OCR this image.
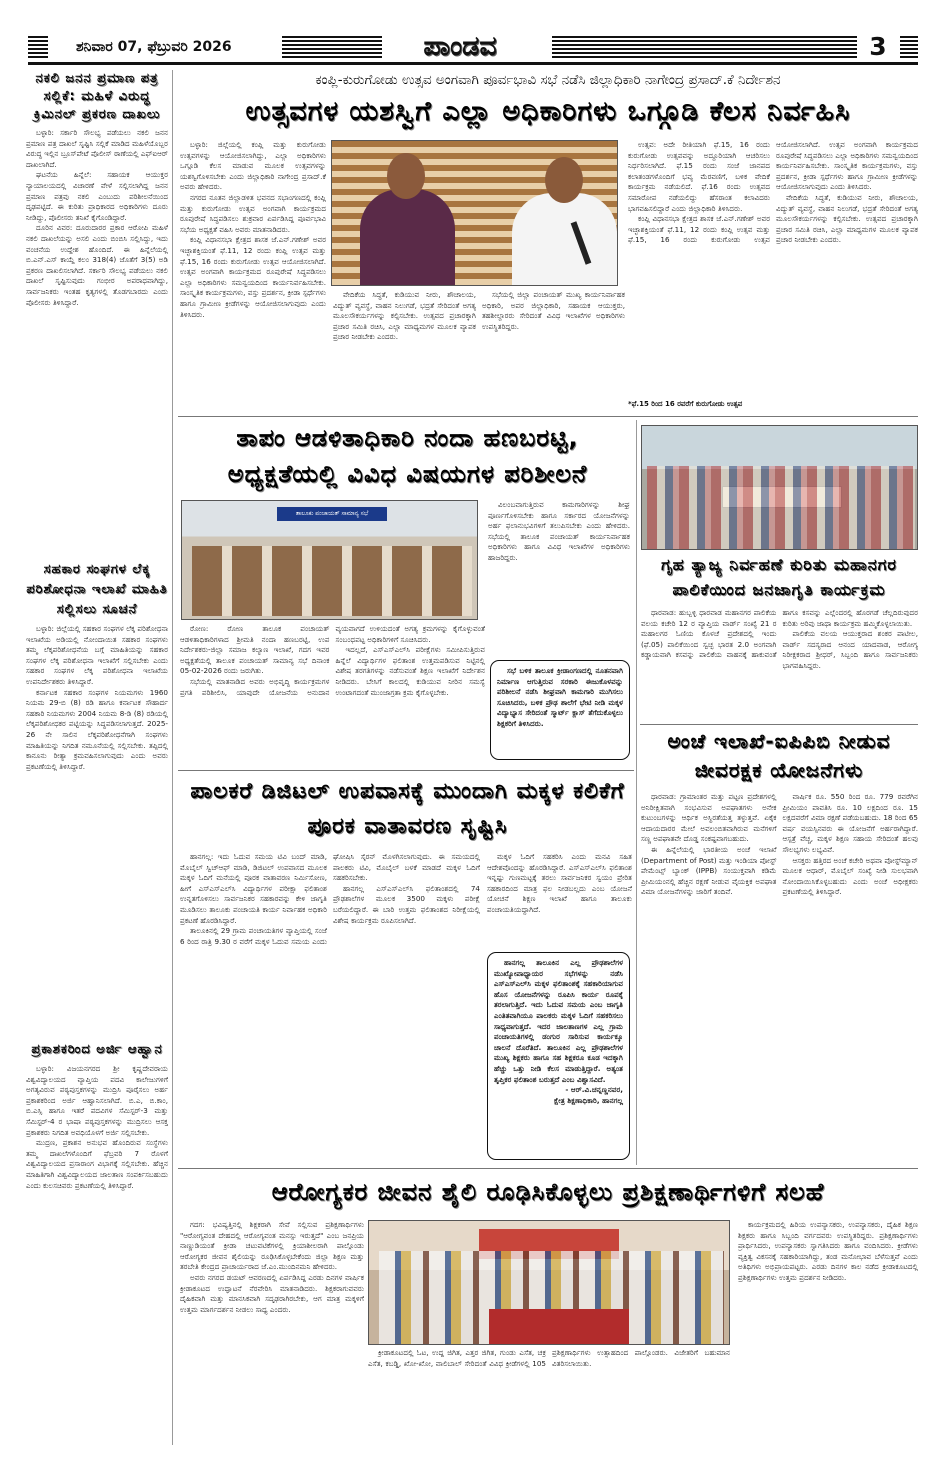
ಶನಿವಾರ 07, ಫೆಬ್ರುವರಿ 2026	ಪಾಂಡವ	3
ನಕಲಿ ಜನನ ಪ್ರಮಾಣ ಪತ್ರ ಸಲ್ಲಿಕೆ: ಮಹಿಳೆ ವಿರುದ್ಧ ಕ್ರಿಮಿನಲ್ ಪ್ರಕರಣ ದಾಖಲು

ಬಳ್ಳಾರಿ: ಸರ್ಕಾರಿ ಸೌಲಭ್ಯ ಪಡೆಯಲು ನಕಲಿ ಜನನ ಪ್ರಮಾಣ ಪತ್ರ ದಾಖಲೆ ಸೃಷ್ಟಿಸಿ ಸಲ್ಲಿಕೆ ಮಾಡಿದ ಮಹಿಳೆಯೊಬ್ಬರ ವಿರುದ್ಧ ಇಲ್ಲಿನ ಬ್ರೂಸ್‌ಪೇಟೆ ಪೊಲೀಸ್ ಠಾಣೆಯಲ್ಲಿ ಎಫ್‌ಐಆರ್ ದಾಖಲಾಗಿದೆ.

ಘಟನೆಯ ಹಿನ್ನೆಲೆ: ಸಹಾಯಕ ಆಯುಕ್ತರ ನ್ಯಾಯಾಲಯದಲ್ಲಿ ವಿಚಾರಣೆ ವೇಳೆ ಸಲ್ಲಿಸಲಾಗಿದ್ದ ಜನನ ಪ್ರಮಾಣ ಪತ್ರವು ನಕಲಿ ಎಂಬುದು ಪರಿಶೀಲನೆಯಿಂದ ದೃಢಪಟ್ಟಿದೆ. ಈ ಕುರಿತು ಪ್ರಾಧಿಕಾರದ ಅಧಿಕಾರಿಗಳು ದೂರು ನೀಡಿದ್ದು, ಪೊಲೀಸರು ತನಿಖೆ ಕೈಗೊಂಡಿದ್ದಾರೆ.

ದೂರಿನ ವಿವರ: ದೂರುದಾರರ ಪ್ರಕಾರ ಆರೋಪಿ ಮಹಿಳೆ ನಕಲಿ ದಾಖಲೆಯನ್ನು ಅಸಲಿ ಎಂದು ಬಿಂಬಿಸಿ ಸಲ್ಲಿಸಿದ್ದು, ಇದು ವಂಚನೆಯ ಉದ್ದೇಶ ಹೊಂದಿದೆ. ಈ ಹಿನ್ನೆಲೆಯಲ್ಲಿ ಬಿ.ಎನ್.ಎಸ್ ಕಾಯ್ದೆ ಕಲಂ 318(4) ಜೊತೆಗೆ 3(5) ಅಡಿ ಪ್ರಕರಣ ದಾಖಲಿಸಲಾಗಿದೆ. ಸರ್ಕಾರಿ ಸೌಲಭ್ಯ ಪಡೆಯಲು ನಕಲಿ ದಾಖಲೆ ಸೃಷ್ಟಿಸುವುದು ಗಂಭೀರ ಅಪರಾಧವಾಗಿದ್ದು, ಸಾರ್ವಜನಿಕರು ಇಂತಹ ಕೃತ್ಯಗಳಲ್ಲಿ ತೊಡಗಬಾರದು ಎಂದು ಪೊಲೀಸರು ತಿಳಿಸಿದ್ದಾರೆ.

ಸಹಕಾರ ಸಂಘಗಳ ಲೆಕ್ಕ ಪರಿಶೋಧನಾ ಇಲಾಖೆ ಮಾಹಿತಿ ಸಲ್ಲಿಸಲು ಸೂಚನೆ

ಬಳ್ಳಾರಿ: ಜಿಲ್ಲೆಯಲ್ಲಿ ಸಹಕಾರ ಸಂಘಗಳ ಲೆಕ್ಕ ಪರಿಶೋಧನಾ ಇಲಾಖೆಯ ಅಡಿಯಲ್ಲಿ ನೋಂದಾಯಿತ ಸಹಕಾರ ಸಂಘಗಳು ತಮ್ಮ ಲೆಕ್ಕಪರಿಶೋಧನೆಯ ಬಗ್ಗೆ ಮಾಹಿತಿಯನ್ನು ಸಹಕಾರ ಸಂಘಗಳ ಲೆಕ್ಕ ಪರಿಶೋಧನಾ ಇಲಾಖೆಗೆ ಸಲ್ಲಿಸಬೇಕು ಎಂದು ಸಹಕಾರ ಸಂಘಗಳ ಲೆಕ್ಕ ಪರಿಶೋಧನಾ ಇಲಾಖೆಯ ಉಪನಿರ್ದೇಶಕರು ತಿಳಿಸಿದ್ದಾರೆ.

ಕರ್ನಾಟಕ ಸಹಕಾರ ಸಂಘಗಳ ನಿಯಮಗಳು 1960 ನಿಯಮ 29-ಬಿ (8) ರಡಿ ಹಾಗೂ ಕರ್ನಾಟಕ ಸೌಹಾರ್ದ ಸಹಕಾರಿ ನಿಯಮಗಳು 2004 ನಿಯಮ 8-ಡಿ (8) ರಡಿಯಲ್ಲಿ ಲೆಕ್ಕಪರಿಶೋಧಕರ ಪಟ್ಟಿಯನ್ನು ಸಿದ್ಧಪಡಿಸಲಾಗುತ್ತದೆ. 2025-26 ನೇ ಸಾಲಿನ ಲೆಕ್ಕಪರಿಶೋಧನೆಗಾಗಿ ಸಂಘಗಳು ಮಾಹಿತಿಯನ್ನು ನಿಗದಿತ ನಮೂನೆಯಲ್ಲಿ ಸಲ್ಲಿಸಬೇಕು. ತಪ್ಪಿದಲ್ಲಿ ಕಾನೂನು ರೀತ್ಯಾ ಕ್ರಮವಹಿಸಲಾಗುವುದು ಎಂದು ಅವರು ಪ್ರಕಟಣೆಯಲ್ಲಿ ತಿಳಿಸಿದ್ದಾರೆ.

ಪ್ರಕಾಶಕರಿಂದ ಅರ್ಜಿ ಆಹ್ವಾನ

ಬಳ್ಳಾರಿ: ವಿಜಯನಗರದ ಶ್ರೀ ಕೃಷ್ಣದೇವರಾಯ ವಿಶ್ವವಿದ್ಯಾಲಯದ ವ್ಯಾಪ್ತಿಯ ಪದವಿ ಕಾಲೇಜುಗಳಿಗೆ ಅಗತ್ಯವಿರುವ ಪಠ್ಯಪುಸ್ತಕಗಳನ್ನು ಮುದ್ರಿಸಿ ಪೂರೈಸಲು ಅರ್ಹ ಪ್ರಕಾಶಕರಿಂದ ಅರ್ಜಿ ಆಹ್ವಾನಿಸಲಾಗಿದೆ. ಬಿ.ಎ, ಬಿ.ಕಾಂ, ಬಿ.ಎಸ್ಸಿ ಹಾಗೂ ಇತರೆ ಪದವಿಗಳ ಸೆಮಿಸ್ಟರ್-3 ಮತ್ತು ಸೆಮಿಸ್ಟರ್-4 ರ ಭಾಷಾ ಪಠ್ಯಪುಸ್ತಕಗಳನ್ನು ಮುದ್ರಿಸಲು ಆಸಕ್ತ ಪ್ರಕಾಶಕರು ನಿಗದಿತ ಅವಧಿಯೊಳಗೆ ಅರ್ಜಿ ಸಲ್ಲಿಸಬೇಕು.

ಮುದ್ರಣ, ಪ್ರಕಾಶನ ಅನುಭವ ಹೊಂದಿರುವ ಸಂಸ್ಥೆಗಳು ತಮ್ಮ ದಾಖಲೆಗಳೊಂದಿಗೆ ಫೆಬ್ರವರಿ 7 ರೊಳಗೆ ವಿಶ್ವವಿದ್ಯಾಲಯದ ಪ್ರಸಾರಾಂಗ ವಿಭಾಗಕ್ಕೆ ಸಲ್ಲಿಸಬೇಕು. ಹೆಚ್ಚಿನ ಮಾಹಿತಿಗಾಗಿ ವಿಶ್ವವಿದ್ಯಾಲಯದ ಜಾಲತಾಣ ಸಂಪರ್ಕಿಸಬಹುದು ಎಂದು ಕುಲಸಚಿವರು ಪ್ರಕಟಣೆಯಲ್ಲಿ ತಿಳಿಸಿದ್ದಾರೆ.

ಕಂಪ್ಲಿ-ಕುರುಗೋಡು ಉತ್ಸವ ಅಂಗವಾಗಿ ಪೂರ್ವಭಾವಿ ಸಭೆ ನಡೆಸಿ ಜಿಲ್ಲಾಧಿಕಾರಿ ನಾಗೇಂದ್ರ ಪ್ರಸಾದ್.ಕೆ ನಿರ್ದೇಶನ
ಉತ್ಸವಗಳ ಯಶಸ್ವಿಗೆ ಎಲ್ಲಾ ಅಧಿಕಾರಿಗಳು ಒಗ್ಗೂಡಿ ಕೆಲಸ ನಿರ್ವಹಿಸಿ

ಬಳ್ಳಾರಿ: ಜಿಲ್ಲೆಯಲ್ಲಿ ಕಂಪ್ಲಿ ಮತ್ತು ಕುರುಗೋಡು ಉತ್ಸವಗಳನ್ನು ಆಯೋಜಿಸಲಾಗಿದ್ದು, ಎಲ್ಲಾ ಅಧಿಕಾರಿಗಳು ಒಗ್ಗೂಡಿ ಕೆಲಸ ಮಾಡುವ ಮೂಲಕ ಉತ್ಸವಗಳನ್ನು ಯಶಸ್ವಿಗೊಳಿಸಬೇಕು ಎಂದು ಜಿಲ್ಲಾಧಿಕಾರಿ ನಾಗೇಂದ್ರ ಪ್ರಸಾದ್.ಕೆ ಅವರು ಹೇಳಿದರು.

ನಗರದ ನೂತನ ಜಿಲ್ಲಾಡಳಿತ ಭವನದ ಸಭಾಂಗಣದಲ್ಲಿ ಕಂಪ್ಲಿ ಮತ್ತು ಕುರುಗೋಡು ಉತ್ಸವ ಅಂಗವಾಗಿ ಕಾರ್ಯಕ್ರಮದ ರೂಪುರೇಷೆ ಸಿದ್ಧಪಡಿಸಲು ಶುಕ್ರವಾರ ಏರ್ಪಡಿಸಿದ್ದ ಪೂರ್ವಭಾವಿ ಸಭೆಯ ಅಧ್ಯಕ್ಷತೆ ವಹಿಸಿ ಅವರು ಮಾತನಾಡಿದರು.

ಕಂಪ್ಲಿ ವಿಧಾನಸಭಾ ಕ್ಷೇತ್ರದ ಶಾಸಕ ಜೆ.ಎನ್.ಗಣೇಶ್ ಅವರ ಇಚ್ಛಾಶಕ್ತಿಯಂತೆ ಫೆ.11, 12 ರಂದು ಕಂಪ್ಲಿ ಉತ್ಸವ ಮತ್ತು ಫೆ.15, 16 ರಂದು ಕುರುಗೋಡು ಉತ್ಸವ ಆಯೋಜಿಸಲಾಗಿದೆ. ಉತ್ಸವ ಅಂಗವಾಗಿ ಕಾರ್ಯಕ್ರಮದ ರೂಪುರೇಷೆ ಸಿದ್ಧಪಡಿಸಲು ಎಲ್ಲಾ ಅಧಿಕಾರಿಗಳು ಸಮನ್ವಯದಿಂದ ಕಾರ್ಯನಿರ್ವಹಿಸಬೇಕು. ಸಾಂಸ್ಕೃತಿಕ ಕಾರ್ಯಕ್ರಮಗಳು, ವಸ್ತು ಪ್ರದರ್ಶನ, ಕ್ರೀಡಾ ಸ್ಪರ್ಧೆಗಳು ಹಾಗೂ ಗ್ರಾಮೀಣ ಕ್ರೀಡೆಗಳನ್ನು ಆಯೋಜಿಸಲಾಗುವುದು ಎಂದು ತಿಳಿಸಿದರು.

ವೇದಿಕೆಯ ಸಿದ್ಧತೆ, ಕುಡಿಯುವ ನೀರು, ಶೌಚಾಲಯ, ವಿದ್ಯುತ್ ವ್ಯವಸ್ಥೆ, ವಾಹನ ನಿಲುಗಡೆ, ಭದ್ರತೆ ಸೇರಿದಂತೆ ಅಗತ್ಯ ಮೂಲಸೌಕರ್ಯಗಳನ್ನು ಕಲ್ಪಿಸಬೇಕು. ಉತ್ಸವದ ಪ್ರಚಾರಕ್ಕಾಗಿ ಪ್ರಚಾರ ಸಮಿತಿ ರಚಿಸಿ, ಎಲ್ಲಾ ಮಾಧ್ಯಮಗಳ ಮೂಲಕ ವ್ಯಾಪಕ ಪ್ರಚಾರ ನೀಡಬೇಕು ಎಂದರು.

ಸಭೆಯಲ್ಲಿ ಜಿಲ್ಲಾ ಪಂಚಾಯತ್ ಮುಖ್ಯ ಕಾರ್ಯನಿರ್ವಾಹಕ ಅಧಿಕಾರಿ, ಅಪರ ಜಿಲ್ಲಾಧಿಕಾರಿ, ಸಹಾಯಕ ಆಯುಕ್ತರು, ತಹಶೀಲ್ದಾರರು ಸೇರಿದಂತೆ ವಿವಿಧ ಇಲಾಖೆಗಳ ಅಧಿಕಾರಿಗಳು ಉಪಸ್ಥಿತರಿದ್ದರು.

ಉತ್ಸವ: ಅದೇ ರೀತಿಯಾಗಿ ಫೆ.15, 16 ರಂದು ಕುರುಗೋಡು ಉತ್ಸವವನ್ನು ಅದ್ದೂರಿಯಾಗಿ ಆಚರಿಸಲು ನಿರ್ಧರಿಸಲಾಗಿದೆ. ಫೆ.15 ರಂದು ಸಂಜೆ ಜಾನಪದ ಕಲಾತಂಡಗಳೊಂದಿಗೆ ಭವ್ಯ ಮೆರವಣಿಗೆ, ಬಳಿಕ ವೇದಿಕೆ ಕಾರ್ಯಕ್ರಮ ನಡೆಯಲಿದೆ. ಫೆ.16 ರಂದು ಉತ್ಸವದ ಸಮಾರೋಪ ನಡೆಯಲಿದ್ದು ಹೆಸರಾಂತ ಕಲಾವಿದರು ಭಾಗವಹಿಸಲಿದ್ದಾರೆ ಎಂದು ಜಿಲ್ಲಾಧಿಕಾರಿ ತಿಳಿಸಿದರು.

ಕಂಪ್ಲಿ ವಿಧಾನಸಭಾ ಕ್ಷೇತ್ರದ ಶಾಸಕ ಜೆ.ಎನ್.ಗಣೇಶ್ ಅವರ ಇಚ್ಛಾಶಕ್ತಿಯಂತೆ ಫೆ.11, 12 ರಂದು ಕಂಪ್ಲಿ ಉತ್ಸವ ಮತ್ತು ಫೆ.15, 16 ರಂದು ಕುರುಗೋಡು ಉತ್ಸವ ಆಯೋಜಿಸಲಾಗಿದೆ. ಉತ್ಸವ ಅಂಗವಾಗಿ ಕಾರ್ಯಕ್ರಮದ ರೂಪುರೇಷೆ ಸಿದ್ಧಪಡಿಸಲು ಎಲ್ಲಾ ಅಧಿಕಾರಿಗಳು ಸಮನ್ವಯದಿಂದ ಕಾರ್ಯನಿರ್ವಹಿಸಬೇಕು. ಸಾಂಸ್ಕೃತಿಕ ಕಾರ್ಯಕ್ರಮಗಳು, ವಸ್ತು ಪ್ರದರ್ಶನ, ಕ್ರೀಡಾ ಸ್ಪರ್ಧೆಗಳು ಹಾಗೂ ಗ್ರಾಮೀಣ ಕ್ರೀಡೆಗಳನ್ನು ಆಯೋಜಿಸಲಾಗುವುದು ಎಂದು ತಿಳಿಸಿದರು.

ವೇದಿಕೆಯ ಸಿದ್ಧತೆ, ಕುಡಿಯುವ ನೀರು, ಶೌಚಾಲಯ, ವಿದ್ಯುತ್ ವ್ಯವಸ್ಥೆ, ವಾಹನ ನಿಲುಗಡೆ, ಭದ್ರತೆ ಸೇರಿದಂತೆ ಅಗತ್ಯ ಮೂಲಸೌಕರ್ಯಗಳನ್ನು ಕಲ್ಪಿಸಬೇಕು. ಉತ್ಸವದ ಪ್ರಚಾರಕ್ಕಾಗಿ ಪ್ರಚಾರ ಸಮಿತಿ ರಚಿಸಿ, ಎಲ್ಲಾ ಮಾಧ್ಯಮಗಳ ಮೂಲಕ ವ್ಯಾಪಕ ಪ್ರಚಾರ ನೀಡಬೇಕು ಎಂದರು.

*ಫೆ.15 ರಿಂದ 16 ರವರೆಗೆ ಕುರುಗೋಡು ಉತ್ಸವ
ತಾಪಂ ಆಡಳಿತಾಧಿಕಾರಿ ನಂದಾ ಹಣಬರಟ್ಟಿ, ಅಧ್ಯಕ್ಷತೆಯಲ್ಲಿ ವಿವಿಧ ವಿಷಯಗಳ ಪರಿಶೀಲನೆ
ತಾಲೂಕು ಪಂಚಾಯತ್ ಸಾಮಾನ್ಯ ಸಭೆ

ವಿಲಂಬವಾಗುತ್ತಿರುವ ಕಾಮಗಾರಿಗಳನ್ನು ಶೀಘ್ರ ಪೂರ್ಣಗೊಳಿಸಬೇಕು ಹಾಗೂ ಸರ್ಕಾರದ ಯೋಜನೆಗಳನ್ನು ಅರ್ಹ ಫಲಾನುಭವಿಗಳಿಗೆ ತಲುಪಿಸಬೇಕು ಎಂದು ಹೇಳಿದರು. ಸಭೆಯಲ್ಲಿ ತಾಲೂಕ ಪಂಚಾಯತ್ ಕಾರ್ಯನಿರ್ವಾಹಕ ಅಧಿಕಾರಿಗಳು ಹಾಗೂ ವಿವಿಧ ಇಲಾಖೆಗಳ ಅಧಿಕಾರಿಗಳು ಹಾಜರಿದ್ದರು.

ರೋಣ: ರೋಣ ತಾಲೂಕ ಪಂಚಾಯತ್ ಆಡಳಿತಾಧಿಕಾರಿಗಳಾದ ಶ್ರೀಮತಿ ನಂದಾ ಹಣಬರಟ್ಟಿ, ಉಪ ನಿರ್ದೇಶಕರು-ಜಿಲ್ಲಾ ಸಮಾಜ ಕಲ್ಯಾಣ ಇಲಾಖೆ, ಗದಗ ಇವರ ಅಧ್ಯಕ್ಷತೆಯಲ್ಲಿ ತಾಲೂಕ ಪಂಚಾಯತ್ ಸಾಮಾನ್ಯ ಸಭೆ ದಿನಾಂಕ 05-02-2026 ರಂದು ಜರುಗಿತು.

ಸಭೆಯಲ್ಲಿ ಮಾತನಾಡಿದ ಅವರು ಅಭಿವೃದ್ಧಿ ಕಾರ್ಯಕ್ರಮಗಳ ಪ್ರಗತಿ ಪರಿಶೀಲಿಸಿ, ಯಾವುದೇ ಯೋಜನೆಯ ಅನುದಾನ ವ್ಯಯವಾಗದೆ ಉಳಿಯದಂತೆ ಅಗತ್ಯ ಕ್ರಮಗಳನ್ನು ಕೈಗೊಳ್ಳುವಂತೆ ಸಂಬಂಧಪಟ್ಟ ಅಧಿಕಾರಿಗಳಿಗೆ ಸೂಚಿಸಿದರು.

ಇದಲ್ಲದೆ, ಎಸ್‌ಎಸ್‌ಎಲ್‌ಸಿ ಪರೀಕ್ಷೆಗಳು ಸಮೀಪಿಸುತ್ತಿರುವ ಹಿನ್ನೆಲೆ ವಿದ್ಯಾರ್ಥಿಗಳ ಫಲಿತಾಂಶ ಉತ್ತಮಪಡಿಸುವ ನಿಟ್ಟಿನಲ್ಲಿ ವಿಶೇಷ ತರಗತಿಗಳನ್ನು ನಡೆಸುವಂತೆ ಶಿಕ್ಷಣ ಇಲಾಖೆಗೆ ನಿರ್ದೇಶನ ನೀಡಿದರು. ಬೇಸಿಗೆ ಕಾಲದಲ್ಲಿ ಕುಡಿಯುವ ನೀರಿನ ಸಮಸ್ಯೆ ಉಂಟಾಗದಂತೆ ಮುಂಜಾಗ್ರತಾ ಕ್ರಮ ಕೈಗೊಳ್ಳಬೇಕು.

ಸಭೆ ಬಳಿಕ ತಾಲೂಕ ಕ್ರೀಡಾಂಗಣದಲ್ಲಿ ನೂತನವಾಗಿ ನಿರ್ಮಾಣ ಆಗುತ್ತಿರುವ ಸರಕಾರಿ ಈಜುಕೊಳವನ್ನು ಪರಿಶೀಲನೆ ನಡೆಸಿ ಶೀಘ್ರವಾಗಿ ಕಾಮಗಾರಿ ಮುಗಿಸಲು ಸೂಚಿಸಿದರು, ಬಳಿಕ ಪ್ರೌಢ ಶಾಲೆಗೆ ಭೇಟಿ ನೀಡಿ ಮಕ್ಕಳ ವಿದ್ಯಾಭ್ಯಾಸ ಸೇರಿದಂತೆ ಸ್ಮಾರ್ಟ್ ಕ್ಲಾಸ್ ತೆಗೆದುಕೊಳ್ಳಲು ಶಿಕ್ಷಕರಿಗೆ ತಿಳಿಸಿದರು.

ಗೃಹ ತ್ಯಾಜ್ಯ ನಿರ್ವಹಣೆ ಕುರಿತು ಮಹಾನಗರ ಪಾಲಿಕೆಯಿಂದ ಜನಜಾಗೃತಿ ಕಾರ್ಯಕ್ರಮ

ಧಾರವಾಡ: ಹುಬ್ಬಳ್ಳಿ ಧಾರವಾಡ ಮಹಾನಗರ ಪಾಲಿಕೆಯ ವಲಯ ಕಚೇರಿ 12 ರ ವ್ಯಾಪ್ತಿಯ ವಾರ್ಡ್ ಸಂಖ್ಯೆ 21 ರ ಮಹಾಲಗರ ಓಣಿಯ ಕೊಳಚೆ ಪ್ರದೇಶದಲ್ಲಿ ಇಂದು (ಫೆ.05) ಪಾಲಿಕೆಯಿಂದ ಸ್ವಚ್ಛ ಭಾರತ 2.0 ಅಂಗವಾಗಿ ಕಡ್ಡಾಯವಾಗಿ ಕಸವನ್ನು ಪಾಲಿಕೆಯ ವಾಹನಕ್ಕೆ ಹಾಕುವಂತೆ ಹಾಗೂ ಕಸವನ್ನು ಎಲ್ಲೆಂದರಲ್ಲಿ ಹೊರಗಡೆ ಚೆಲ್ಲದಿರುವುದರ ಕುರಿತು ಅರಿವು ಜಾಥಾ ಕಾರ್ಯಕ್ರಮ ಹಮ್ಮಿಕೊಳ್ಳಲಾಯಿತು.

ಪಾಲಿಕೆಯ ವಲಯ ಆಯುಕ್ತರಾದ ಶಂಕರ ಪಾಟೀಲ, ವಾರ್ಡ್ ಸದಸ್ಯರಾದ ಆನಂದ ಯಾದವಾಡ, ಆರೋಗ್ಯ ನಿರೀಕ್ಷಕರಾದ ಶ್ರೀಧರ್, ಸಿಬ್ಬಂದಿ ಹಾಗೂ ಸಾರ್ವಜನಿಕರು ಭಾಗವಹಿಸಿದ್ದರು.

ಅಂಚೆ ಇಲಾಖೆ-ಐಪಿಪಿಬಿ ನೀಡುವ ಜೀವರಕ್ಷಕ ಯೋಜನೆಗಳು

ಧಾರವಾಡ: ಗ್ರಾಮಾಂತರ ಮತ್ತು ಪಟ್ಟಣ ಪ್ರದೇಶಗಳಲ್ಲಿ ಅನಿರೀಕ್ಷಿತವಾಗಿ ಸಂಭವಿಸುವ ಅಪಘಾತಗಳು ಅನೇಕ ಕುಟುಂಬಗಳನ್ನು ಆರ್ಥಿಕ ಅಸ್ಥಿರತೆಯತ್ತ ತಳ್ಳುತ್ತವೆ. ಏಕೈಕ ಆದಾಯದಾರರ ಮೇಲೆ ಅವಲಂಬಿತವಾಗಿರುವ ಮನೆಗಳಿಗೆ ಸಣ್ಣ ಅಪಘಾತವೇ ದೊಡ್ಡ ಸಂಕಷ್ಟವಾಗಬಹುದು.

ಈ ಹಿನ್ನೆಲೆಯಲ್ಲಿ ಭಾರತೀಯ ಅಂಚೆ ಇಲಾಖೆ (Department of Post) ಮತ್ತು ಇಂಡಿಯಾ ಪೋಸ್ಟ್ ಪೇಮೆಂಟ್ಸ್ ಬ್ಯಾಂಕ್ (IPPB) ಸಂಯುಕ್ತವಾಗಿ ಕಡಿಮೆ ಪ್ರೀಮಿಯಂನಲ್ಲಿ ಹೆಚ್ಚಿನ ರಕ್ಷಣೆ ನೀಡುವ ವೈಯಕ್ತಿಕ ಅಪಘಾತ ವಿಮಾ ಯೋಜನೆಗಳನ್ನು ಜಾರಿಗೆ ತಂದಿವೆ.

ವಾರ್ಷಿಕ ರೂ. 550 ರಿಂದ ರೂ. 779 ರವರೆಗಿನ ಪ್ರೀಮಿಯಂ ಪಾವತಿಸಿ ರೂ. 10 ಲಕ್ಷದಿಂದ ರೂ. 15 ಲಕ್ಷದವರೆಗೆ ವಿಮಾ ರಕ್ಷಣೆ ಪಡೆಯಬಹುದು. 18 ರಿಂದ 65 ವರ್ಷ ವಯಸ್ಸಿನವರು ಈ ಯೋಜನೆಗೆ ಅರ್ಹರಾಗಿದ್ದಾರೆ. ಆಸ್ಪತ್ರೆ ವೆಚ್ಚ, ಮಕ್ಕಳ ಶಿಕ್ಷಣ ಸಹಾಯ ಸೇರಿದಂತೆ ಹಲವು ಸೌಲಭ್ಯಗಳು ಲಭ್ಯವಿವೆ.

ಆಸಕ್ತರು ಹತ್ತಿರದ ಅಂಚೆ ಕಚೇರಿ ಅಥವಾ ಪೋಸ್ಟ್‌ಮ್ಯಾನ್ ಮೂಲಕ ಆಧಾರ್, ಮೊಬೈಲ್ ಸಂಖ್ಯೆ ನೀಡಿ ಸುಲಭವಾಗಿ ನೋಂದಾಯಿಸಿಕೊಳ್ಳಬಹುದು ಎಂದು ಅಂಚೆ ಅಧೀಕ್ಷಕರು ಪ್ರಕಟಣೆಯಲ್ಲಿ ತಿಳಿಸಿದ್ದಾರೆ.

ಪಾಲಕರೆ ಡಿಜಿಟಲ್ ಉಪವಾಸಕ್ಕೆ ಮುಂದಾಗಿ ಮಕ್ಕಳ ಕಲಿಕೆಗೆ ಪೂರಕ ವಾತಾವರಣ ಸೃಷ್ಟಿಸಿ

ಹಾನಗಲ್ಲ: ಇದು ಓದುವ ಸಮಯ ಟಿವಿ ಬಂದ್ ಮಾಡಿ, ಮೊಬೈಲ್ ಸ್ವಿಚ್‌ಆಫ್ ಮಾಡಿ, ಡಿಜಿಟಲ್ ಉಪವಾಸದ ಮೂಲಕ ಮಕ್ಕಳ ಓದಿಗೆ ಮನೆಯಲ್ಲಿ ಪೂರಕ ವಾತಾವರಣ ನಿರ್ಮಿಸೋಣ, ಹೀಗೆ ಎಸ್‌ಎಸ್‌ಎಲ್‌ಸಿ ವಿದ್ಯಾರ್ಥಿಗಳ ಪರೀಕ್ಷಾ ಫಲಿತಾಂಶ ಉನ್ನತಗೊಳಿಸಲು ಸಾರ್ವಜನಿಕರ ಸಹಕಾರವನ್ನು ಕೇಳಿ ಜಾಗೃತಿ ಮೂಡಿಸಲು ತಾಲೂಕು ಪಂಚಾಯತಿ ಕಾರ್ಯ ನಿರ್ವಾಹಕ ಅಧಿಕಾರಿ ಪ್ರಕಟಣೆ ಹೊರಡಿಸಿದ್ದಾರೆ.

ತಾಲೂಕಿನಲ್ಲಿ 29 ಗ್ರಾಮ ಪಂಚಾಯತಿಗಳ ವ್ಯಾಪ್ತಿಯಲ್ಲಿ ಸಂಜೆ 6 ರಿಂದ ರಾತ್ರಿ 9.30 ರ ವರೆಗೆ ಮಕ್ಕಳ ಓದುವ ಸಮಯ ಎಂದು ಘೋಷಿಸಿ ಸೈರನ್ ಮೊಳಗಿಸಲಾಗುವುದು. ಈ ಸಮಯದಲ್ಲಿ ಪಾಲಕರು ಟಿವಿ, ಮೊಬೈಲ್ ಬಳಕೆ ಮಾಡದೆ ಮಕ್ಕಳ ಓದಿಗೆ ಸಹಕರಿಸಬೇಕು.

ಹಾನಗಲ್ಲ ಎಸ್‌ಎಸ್‌ಎಲ್‌ಸಿ ಫಲಿತಾಂಶದಲ್ಲಿ 74 ಪ್ರೌಢಶಾಲೆಗಳ ಮೂಲಕ 3500 ಮಕ್ಕಳು ಪರೀಕ್ಷೆ ಬರೆಯಲಿದ್ದಾರೆ. ಈ ಬಾರಿ ಉತ್ತಮ ಫಲಿತಾಂಶದ ನಿರೀಕ್ಷೆಯಲ್ಲಿ ವಿಶೇಷ ಕಾರ್ಯಕ್ರಮ ರೂಪಿಸಲಾಗಿದೆ.

ಮಕ್ಕಳ ಓದಿಗೆ ಸಹಕರಿಸಿ ಎಂದು ಮನವಿ ಸಹಿತ ಆದೇಶವೊಂದನ್ನು ಹೊರಡಿಸಿದ್ದಾರೆ. ಎಸ್‌ಎಸ್‌ಎಲ್‌ಸಿ ಫಲಿತಾಂಶ ಇನ್ನಷ್ಟು ಗುಣಮಟ್ಟಕ್ಕೆ ತರಲು ಸಾರ್ವಜನಿಕರ ಸ್ವಯಂ ಪ್ರೇರಿತ ಸಹಕಾರದಿಂದ ಮಾತ್ರ ಫಲ ನೀಡಬಲ್ಲದು ಎಂಬ ಯೋಜನೆ ಯೋಚನೆ ಶಿಕ್ಷಣ ಇಲಾಖೆ ಹಾಗೂ ತಾಲೂಕು ಪಂಚಾಯತಿಯದ್ದಾಗಿದೆ.

ಹಾನಗಲ್ಲ ತಾಲೂಕಿನ ಎಲ್ಲ ಪ್ರೌಢಶಾಲೆಗಳ ಮುಖ್ಯೋಪಾಧ್ಯಾಯರ ಸಭೆಗಳನ್ನು ನಡೆಸಿ ಎಸ್‌ಎಸ್‌ಎಲ್‌ಸಿ ಮಕ್ಕಳ ಫಲಿತಾಂಶಕ್ಕೆ ಸಹಕಾರಿಯಾಗುವ ಹೊಸ ಯೋಜನೆಗಳನ್ನು ರೂಪಿಸಿ ಕಾರ್ಯ ರೂಪಕ್ಕೆ ತರಲಾಗುತ್ತಿದೆ. ಇದು ಓದುವ ಸಮಯ ಎಂಬ ಜಾಗೃತಿ ಎಂತಿತವಾಗಿಯೂ ಪಾಲಕರು ಮಕ್ಕಳ ಓದಿಗೆ ಸಹಕರಿಸಲು ಸಾಧ್ಯವಾಗುತ್ತದೆ. ಇದರ ಜಾಲತಾಣಗಳ ಎಲ್ಲ ಗ್ರಾಮ ಪಂಚಾಯತಿಗಳಲ್ಲಿ ಡಂಗುರ ಸಾರಿಸುವ ಕಾರ್ಯಕ್ಕೂ ಚಾಲನೆ ದೊರೆತಿದೆ. ತಾಲೂಕಿನ ಎಲ್ಲ ಪ್ರೌಢಶಾಲೆಗಳ ಮುಖ್ಯ ಶಿಕ್ಷಕರು ಹಾಗೂ ಸಹ ಶಿಕ್ಷಕರೂ ಕೂಡ ಇದಕ್ಕಾಗಿ ಹೆಚ್ಚು ಒತ್ತು ನೀಡಿ ಕೆಲಸ ಮಾಡುತ್ತಿದ್ದಾರೆ. ಅತ್ಯಂತ ತೃಪ್ತಿಕರ ಫಲಿತಾಂಶ ಬರುತ್ತದೆ ಎಂಬ ವಿಶ್ವಾಸವಿದೆ.

- ಆರ್.ವಿ.ಚನ್ನಣ್ಣನವರ,
ಕ್ಷೇತ್ರ ಶಿಕ್ಷಣಾಧಿಕಾರಿ, ಹಾನಗಲ್ಲ
ಆರೋಗ್ಯಕರ ಜೀವನ ಶೈಲಿ ರೂಢಿಸಿಕೊಳ್ಳಲು ಪ್ರಶಿಕ್ಷಣಾರ್ಥಿಗಳಿಗೆ ಸಲಹೆ

ಗದಗ: ಭವಿಷ್ಯತ್ತಿನಲ್ಲಿ ಶಿಕ್ಷಕರಾಗಿ ಸೇವೆ ಸಲ್ಲಿಸುವ ಪ್ರಶಿಕ್ಷಣಾರ್ಥಿಗಳು "ಆರೋಗ್ಯವಂತ ದೇಹದಲ್ಲಿ ಆರೋಗ್ಯವಂತ ಮನಸ್ಸು ಇರುತ್ತದೆ" ಎಂಬ ಜನಪ್ರಿಯ ನಾಣ್ಣುಡಿಯಂತೆ ಕ್ರೀಡಾ ಚಟುವಟಿಕೆಗಳಲ್ಲಿ ಕ್ರಿಯಾಶೀಲರಾಗಿ ಪಾಲ್ಗೊಂಡು ಆರೋಗ್ಯಕರ ಜೀವನ ಶೈಲಿಯನ್ನು ರೂಢಿಸಿಕೊಳ್ಳಬೇಕೆಂದು ಜಿಲ್ಲಾ ಶಿಕ್ಷಣ ಮತ್ತು ತರಬೇತಿ ಕೇಂದ್ರದ ಪ್ರಾಚಾರ್ಯರಾದ ಜೆ.ಎಂ.ಮುಂದಿನಮನಿ ಹೇಳಿದರು.

ಅವರು ನಗರದ ಡಯಟ್ ಆವರಣದಲ್ಲಿ ಏರ್ಪಡಿಸಿದ್ದ ಎರಡು ದಿನಗಳ ವಾರ್ಷಿಕ ಕ್ರೀಡಾಕೂಟದ ಉದ್ಘಾಟನೆ ನೆರವೇರಿಸಿ ಮಾತನಾಡಿದರು. ಶಿಕ್ಷಕರಾಗುವವರು ದೈಹಿಕವಾಗಿ ಮತ್ತು ಮಾನಸಿಕವಾಗಿ ಸದೃಢರಾಗಿರಬೇಕು, ಆಗ ಮಾತ್ರ ಮಕ್ಕಳಿಗೆ ಉತ್ತಮ ಮಾರ್ಗದರ್ಶನ ನೀಡಲು ಸಾಧ್ಯ ಎಂದರು.

ಕ್ರೀಡಾಕೂಟದಲ್ಲಿ ಓಟ, ಉದ್ದ ಜಿಗಿತ, ಎತ್ತರ ಜಿಗಿತ, ಗುಂಡು ಎಸೆತ, ಚಕ್ರ ಎಸೆತ, ಕಬಡ್ಡಿ, ಖೋ-ಖೋ, ವಾಲಿಬಾಲ್ ಸೇರಿದಂತೆ ವಿವಿಧ ಕ್ರೀಡೆಗಳಲ್ಲಿ 105 ಪ್ರಶಿಕ್ಷಣಾರ್ಥಿಗಳು ಉತ್ಸಾಹದಿಂದ ಪಾಲ್ಗೊಂಡರು. ವಿಜೇತರಿಗೆ ಬಹುಮಾನ ವಿತರಿಸಲಾಯಿತು.

ಕಾರ್ಯಕ್ರಮದಲ್ಲಿ ಹಿರಿಯ ಉಪನ್ಯಾಸಕರು, ಉಪನ್ಯಾಸಕರು, ದೈಹಿಕ ಶಿಕ್ಷಣ ಶಿಕ್ಷಕರು ಹಾಗೂ ಸಿಬ್ಬಂದಿ ವರ್ಗದವರು ಉಪಸ್ಥಿತರಿದ್ದರು. ಪ್ರಶಿಕ್ಷಣಾರ್ಥಿಗಳು ಪ್ರಾರ್ಥಿಸಿದರು, ಉಪನ್ಯಾಸಕರು ಸ್ವಾಗತಿಸಿದರು ಹಾಗೂ ವಂದಿಸಿದರು. ಕ್ರೀಡೆಗಳು ವ್ಯಕ್ತಿತ್ವ ವಿಕಸನಕ್ಕೆ ಸಹಕಾರಿಯಾಗಿದ್ದು, ತಂಡ ಮನೋಭಾವ ಬೆಳೆಸುತ್ತವೆ ಎಂದು ಅತಿಥಿಗಳು ಅಭಿಪ್ರಾಯಪಟ್ಟರು. ಎರಡು ದಿನಗಳ ಕಾಲ ನಡೆದ ಕ್ರೀಡಾಕೂಟದಲ್ಲಿ ಪ್ರಶಿಕ್ಷಣಾರ್ಥಿಗಳು ಉತ್ತಮ ಪ್ರದರ್ಶನ ನೀಡಿದರು.
